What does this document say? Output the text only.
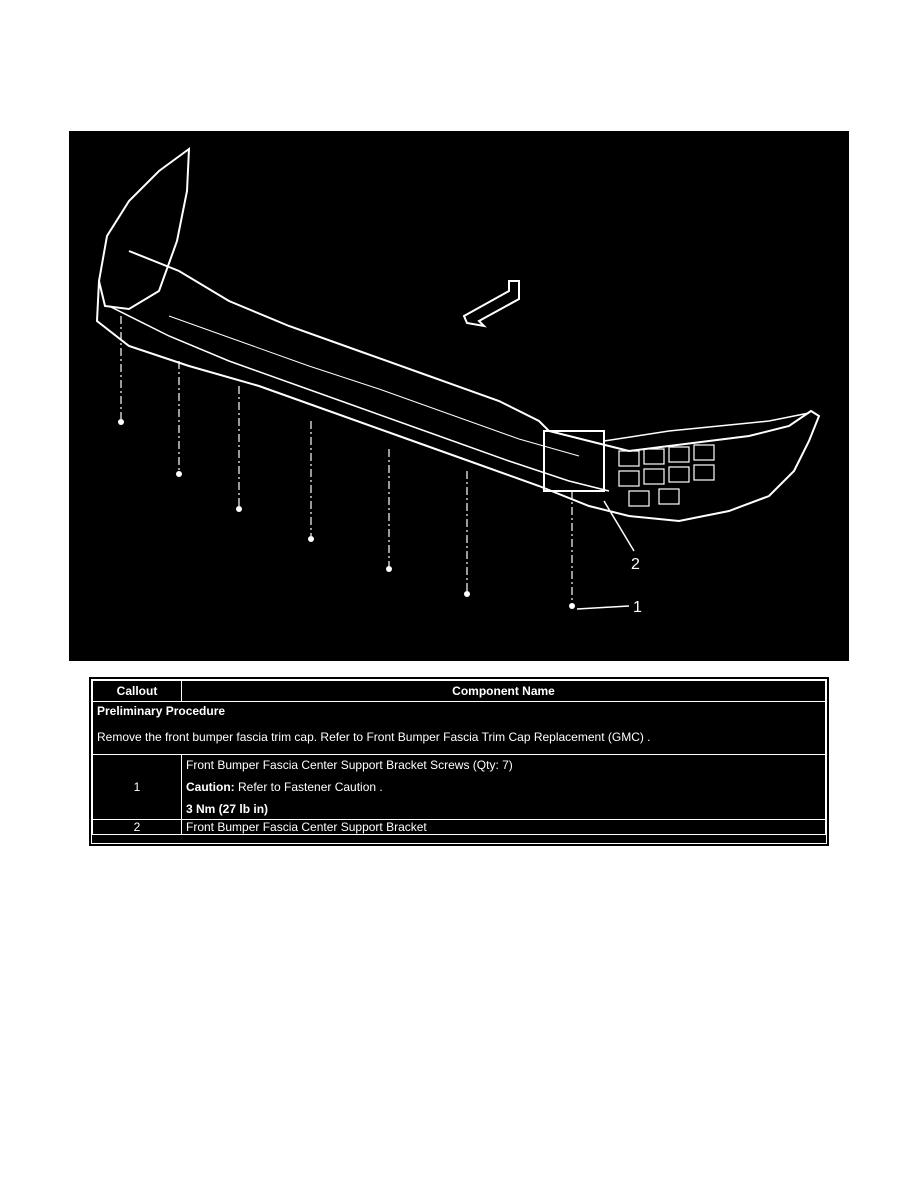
1
2
Callout	Component Name

Preliminary Procedure
Remove the front bumper fascia trim cap. Refer to Front Bumper Fascia Trim Cap Replacement (GMC) .	

1	Front Bumper Fascia Center Support Bracket Screws (Qty: 7)
Caution: Refer to Fastener Caution .
3 Nm (27 lb in)

2	Front Bumper Fascia Center Support Bracket
